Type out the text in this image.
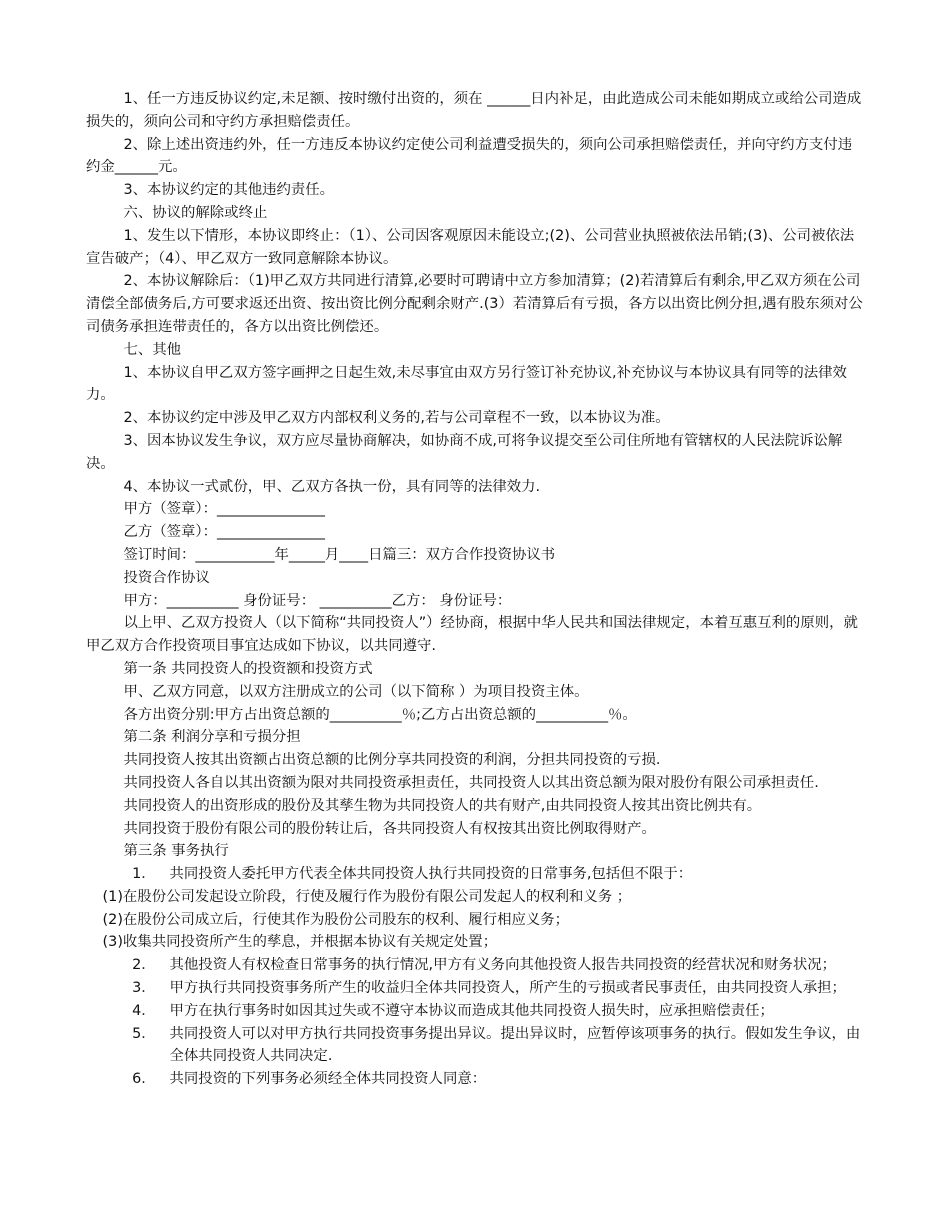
1、任一方违反协议约定,未足额、按时缴付出资的，须在 ______日内补足，由此造成公司未能如期成立或给公司造成损失的，须向公司和守约方承担赔偿责任。

2、除上述出资违约外，任一方违反本协议约定使公司利益遭受损失的，须向公司承担赔偿责任，并向守约方支付违约金______元。

3、本协议约定的其他违约责任。

六、协议的解除或终止

1、发生以下情形，本协议即终止：（1）、公司因客观原因未能设立;(2)、公司营业执照被依法吊销;(3)、公司被依法宣告破产；（4）、甲乙双方一致同意解除本协议。

2、本协议解除后：（1)甲乙双方共同进行清算,必要时可聘请中立方参加清算；(2)若清算后有剩余,甲乙双方须在公司清偿全部债务后,方可要求返还出资、按出资比例分配剩余财产.(3）若清算后有亏损，各方以出资比例分担,遇有股东须对公司债务承担连带责任的，各方以出资比例偿还。

七、其他

1、本协议自甲乙双方签字画押之日起生效,未尽事宜由双方另行签订补充协议,补充协议与本协议具有同等的法律效力。

2、本协议约定中涉及甲乙双方内部权利义务的,若与公司章程不一致，以本协议为准。

3、因本协议发生争议，双方应尽量协商解决，如协商不成,可将争议提交至公司住所地有管辖权的人民法院诉讼解决。

4、本协议一式贰份，甲、乙双方各执一份，具有同等的法律效力.

甲方（签章）：_______________

乙方（签章）：_______________

签订时间：___________年_____月____日篇三：双方合作投资协议书

投资合作协议

甲方：__________ 身份证号： __________乙方： 身份证号：

以上甲、乙双方投资人（以下简称“共同投资人”）经协商，根据中华人民共和国法律规定，本着互惠互利的原则，就甲乙双方合作投资项目事宜达成如下协议，以共同遵守.

第一条 共同投资人的投资额和投资方式

甲、乙双方同意，以双方注册成立的公司（以下简称 ）为项目投资主体。

各方出资分别:甲方占出资总额的__________％;乙方占出资总额的__________％。

第二条 利润分享和亏损分担

共同投资人按其出资额占出资总额的比例分享共同投资的利润，分担共同投资的亏损.

共同投资人各自以其出资额为限对共同投资承担责任，共同投资人以其出资总额为限对股份有限公司承担责任.

共同投资人的出资形成的股份及其孳生物为共同投资人的共有财产,由共同投资人按其出资比例共有。

共同投资于股份有限公司的股份转让后，各共同投资人有权按其出资比例取得财产。

第三条 事务执行

1． 共同投资人委托甲方代表全体共同投资人执行共同投资的日常事务,包括但不限于：

(1)在股份公司发起设立阶段，行使及履行作为股份有限公司发起人的权利和义务 ；

(2)在股份公司成立后，行使其作为股份公司股东的权利、履行相应义务；

(3)收集共同投资所产生的孳息，并根据本协议有关规定处置；

2． 其他投资人有权检查日常事务的执行情况,甲方有义务向其他投资人报告共同投资的经营状况和财务状况；
3． 甲方执行共同投资事务所产生的收益归全体共同投资人，所产生的亏损或者民事责任，由共同投资人承担；
4． 甲方在执行事务时如因其过失或不遵守本协议而造成其他共同投资人损失时，应承担赔偿责任；
5． 共同投资人可以对甲方执行共同投资事务提出异议。提出异议时，应暂停该项事务的执行。假如发生争议，由全体共同投资人共同决定.
6． 共同投资的下列事务必须经全体共同投资人同意：
